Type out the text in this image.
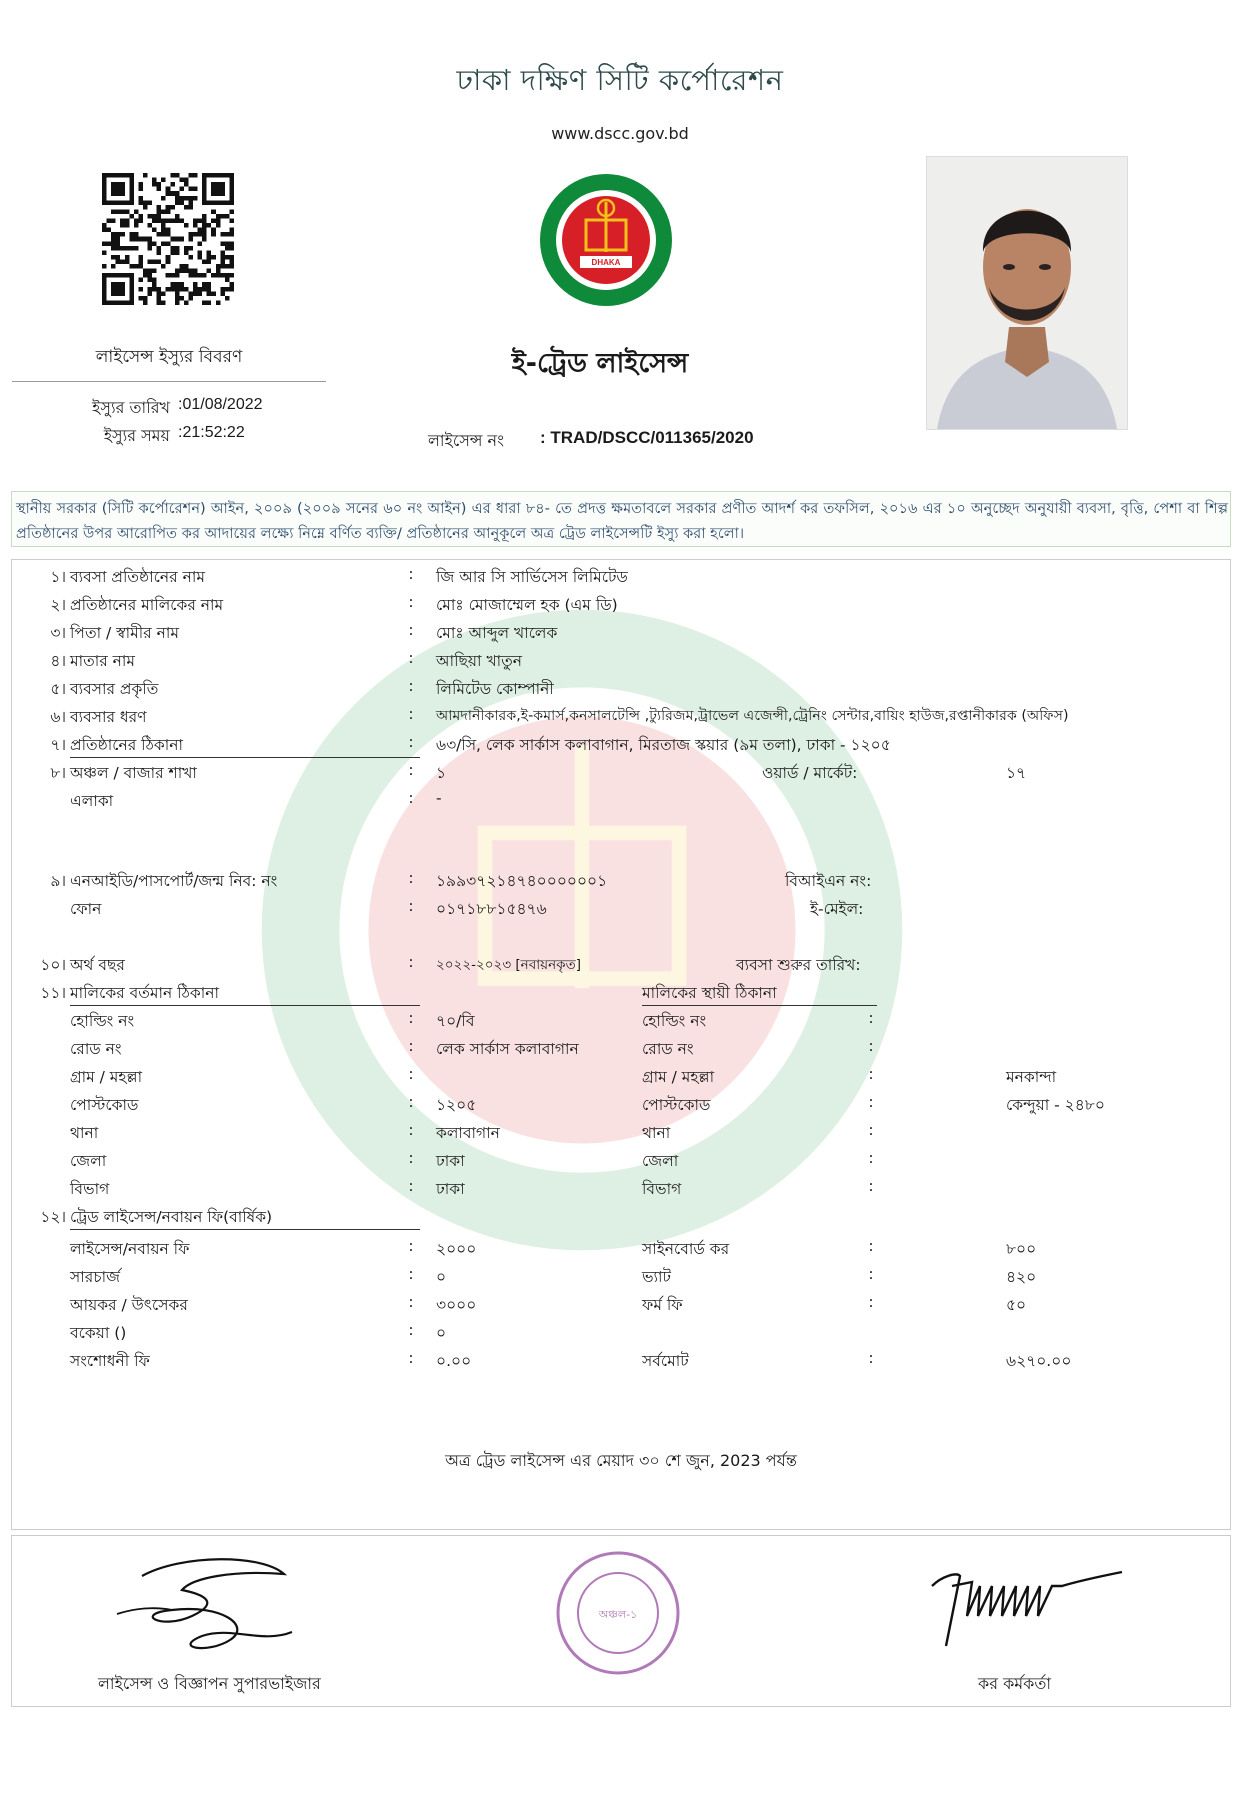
ঢাকা দক্ষিণ সিটি কর্পোরেশন
www.dscc.gov.bd
DHAKA
লাইসেন্স ইস্যুর বিবরণ
ইস্যুর তারিখ :01/08/2022
ইস্যুর সময় :21:52:22
ই-ট্রেড লাইসেন্স
লাইসেন্স নং : TRAD/DSCC/011365/2020
স্থানীয় সরকার (সিটি কর্পোরেশন) আইন, ২০০৯ (২০০৯ সনের ৬০ নং আইন) এর ধারা ৮৪- তে প্রদত্ত ক্ষমতাবলে সরকার প্রণীত আদর্শ কর তফসিল, ২০১৬ এর ১০ অনুচ্ছেদ অনুযায়ী ব্যবসা, বৃত্তি, পেশা বা শিল্প প্রতিষ্ঠানের উপর আরোপিত কর আদায়ের লক্ষ্যে নিম্নে বর্ণিত ব্যক্তি/ প্রতিষ্ঠানের আনুকূলে অত্র ট্রেড লাইসেন্সটি ইস্যু করা হলো।
১। ব্যবসা প্রতিষ্ঠানের নাম	: জি আর সি সার্ভিসেস লিমিটেড
২। প্রতিষ্ঠানের মালিকের নাম	: মোঃ মোজাম্মেল হক (এম ডি)
৩। পিতা / স্বামীর নাম	: মোঃ আব্দুল খালেক
৪। মাতার নাম	: আছিয়া খাতুন
৫। ব্যবসার প্রকৃতি	: লিমিটেড কোম্পানী
৬। ব্যবসার ধরণ	: আমদানীকারক,ই-কমার্স,কনসালটেন্সি ,ট্যুরিজম,ট্রাভেল এজেন্সী,ট্রেনিং সেন্টার,বায়িং হাউজ,রপ্তানীকারক (অফিস)
৭। প্রতিষ্ঠানের ঠিকানা	: ৬৩/সি, লেক সার্কাস কলাবাগান, মিরতাজ স্কয়ার (৯ম তলা), ঢাকা - ১২০৫
৮। অঞ্চল / বাজার শাখা	: ১	ওয়ার্ড / মার্কেট:	১৭
এলাকা	: -
৯। এনআইডি/পাসপোর্ট/জন্ম নিব: নং	: ১৯৯৩৭২১৪৭৪০০০০০০১	বিআইএন নং:
ফোন	: ০১৭১৮৮১৫৪৭৬	ই-মেইল:
১০। অর্থ বছর	: ২০২২-২০২৩ [নবায়নকৃত]	ব্যবসা শুরুর তারিখ:
১১। মালিকের বর্তমান ঠিকানা	মালিকের স্থায়ী ঠিকানা
হোল্ডিং নং	: ৭০/বি	হোল্ডিং নং	:
রোড নং	: লেক সার্কাস কলাবাগান	রোড নং	:
গ্রাম / মহল্লা	:	গ্রাম / মহল্লা	:	মনকান্দা
পোস্টকোড	: ১২০৫	পোস্টকোড	:	কেন্দুয়া - ২৪৮০
থানা	: কলাবাগান	থানা	:
জেলা	: ঢাকা	জেলা	:
বিভাগ	: ঢাকা	বিভাগ	:
১২। ট্রেড লাইসেন্স/নবায়ন ফি(বার্ষিক)
লাইসেন্স/নবায়ন ফি	: ২০০০	সাইনবোর্ড কর	:	৮০০
সারচার্জ	: ০	ভ্যাট	:	৪২০
আয়কর / উৎসেকর	: ৩০০০	ফর্ম ফি	:	৫০
বকেয়া ()	: ০
সংশোধনী ফি	: ০.০০	সর্বমোট	:	৬২৭০.০০
অত্র ট্রেড লাইসেন্স এর মেয়াদ ৩০ শে জুন, 2023 পর্যন্ত
অঞ্চল-১
লাইসেন্স ও বিজ্ঞাপন সুপারভাইজার	কর কর্মকর্তা
